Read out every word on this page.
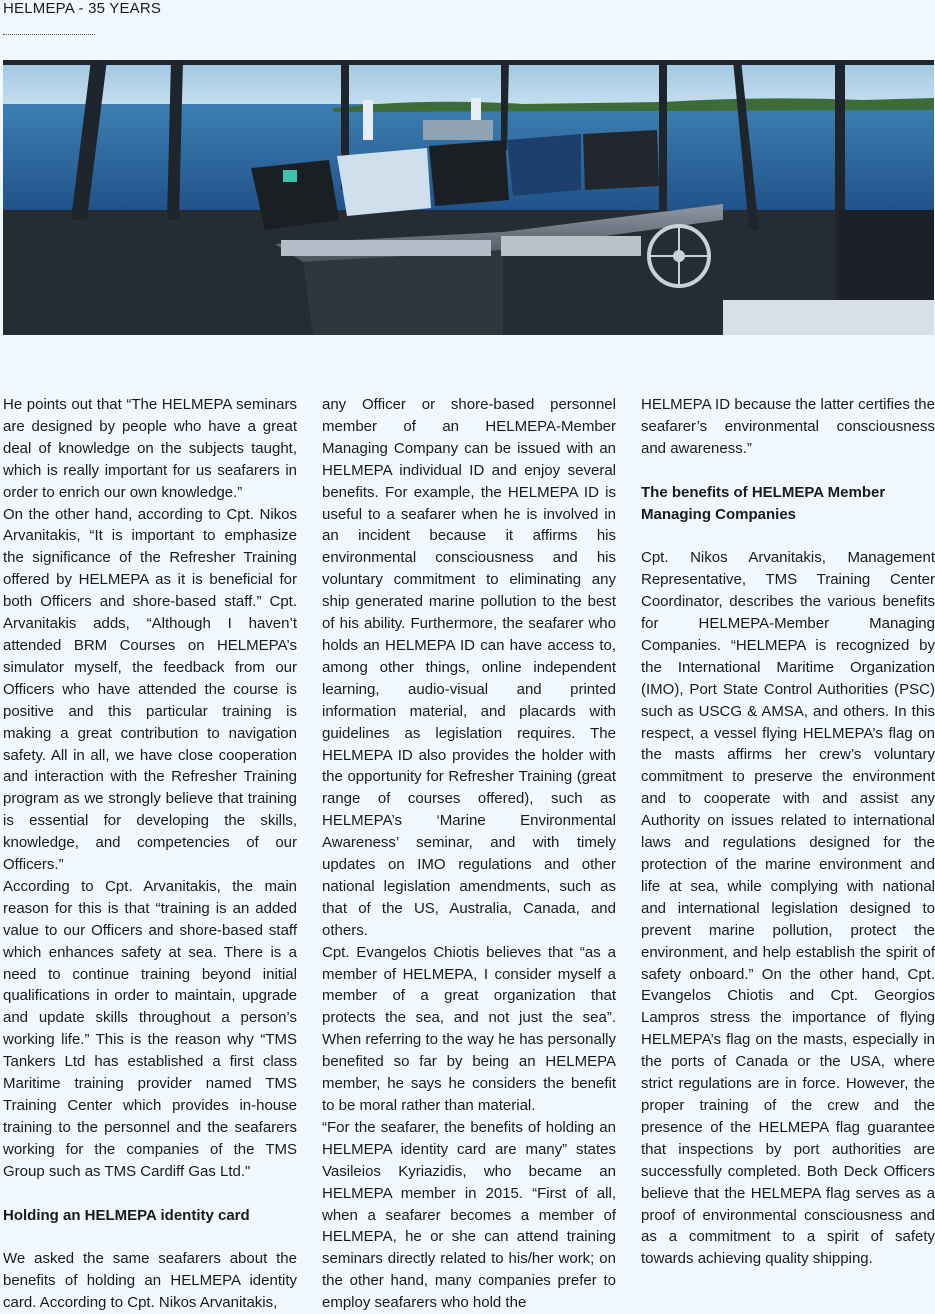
HELMEPA - 35 YEARS

He points out that “The HELMEPA seminars are designed by people who have a great deal of knowledge on the subjects taught, which is really important for us seafarers in order to enrich our own knowledge.”

On the other hand, according to Cpt. Nikos Arvanitakis, “It is important to emphasize the significance of the Refresher Training offered by HELMEPA as it is beneficial for both Officers and shore-based staff.” Cpt. Arvanitakis adds, “Although I haven’t attended BRM Courses on HELMEPA’s simulator myself, the feedback from our Officers who have attended the course is positive and this particular training is making a great contribution to navigation safety. All in all, we have close cooperation and interaction with the Refresher Training program as we strongly believe that training is essential for developing the skills, knowledge, and competencies of our Officers.”

According to Cpt. Arvanitakis, the main reason for this is that “training is an added value to our Officers and shore-based staff which enhances safety at sea. There is a need to continue training beyond initial qualifications in order to maintain, upgrade and update skills throughout a person’s working life.” This is the reason why “TMS Tankers Ltd has established a first class Maritime training provider named TMS Training Center which provides in-house training to the personnel and the seafarers working for the companies of the TMS Group such as TMS Cardiff Gas Ltd."

Holding an HELMEPA identity card

We asked the same seafarers about the benefits of holding an HELMEPA identity card. According to Cpt. Nikos Arvanitakis,

any Officer or shore-based personnel member of an HELMEPA-Member Managing Company can be issued with an HELMEPA individual ID and enjoy several benefits. For example, the HELMEPA ID is useful to a seafarer when he is involved in an incident because it affirms his environmental consciousness and his voluntary commitment to eliminating any ship generated marine pollution to the best of his ability. Furthermore, the seafarer who holds an HELMEPA ID can have access to, among other things, online independent learning, audio-visual and printed information material, and placards with guidelines as legislation requires. The HELMEPA ID also provides the holder with the opportunity for Refresher Training (great range of courses offered), such as HELMEPA’s ‘Marine Environmental Awareness’ seminar, and with timely updates on IMO regulations and other national legislation amendments, such as that of the US, Australia, Canada, and others.

Cpt. Evangelos Chiotis believes that “as a member of HELMEPA, I consider myself a member of a great organization that protects the sea, and not just the sea”. When referring to the way he has personally benefited so far by being an HELMEPA member, he says he considers the benefit to be moral rather than material.

“For the seafarer, the benefits of holding an HELMEPA identity card are many” states Vasileios Kyriazidis, who became an HELMEPA member in 2015. “First of all, when a seafarer becomes a member of HELMEPA, he or she can attend training seminars directly related to his/her work; on the other hand, many companies prefer to employ seafarers who hold the

HELMEPA ID because the latter certifies the seafarer’s environmental consciousness and awareness.”

The benefits of HELMEPA Member Managing Companies

Cpt. Nikos Arvanitakis, Management Representative, TMS Training Center Coordinator, describes the various benefits for HELMEPA-Member Managing Companies. “HELMEPA is recognized by the International Maritime Organization (IMO), Port State Control Authorities (PSC) such as USCG & AMSA, and others. In this respect, a vessel flying HELMEPA’s flag on the masts affirms her crew’s voluntary commitment to preserve the environment and to cooperate with and assist any Authority on issues related to international laws and regulations designed for the protection of the marine environment and life at sea, while complying with national and international legislation designed to prevent marine pollution, protect the environment, and help establish the spirit of safety onboard.” On the other hand, Cpt. Evangelos Chiotis and Cpt. Georgios Lampros stress the importance of flying HELMEPA’s flag on the masts, especially in the ports of Canada or the USA, where strict regulations are in force. However, the proper training of the crew and the presence of the HELMEPA flag guarantee that inspections by port authorities are successfully completed. Both Deck Officers believe that the HELMEPA flag serves as a proof of environmental consciousness and as a commitment to a spirit of safety towards achieving quality shipping.
